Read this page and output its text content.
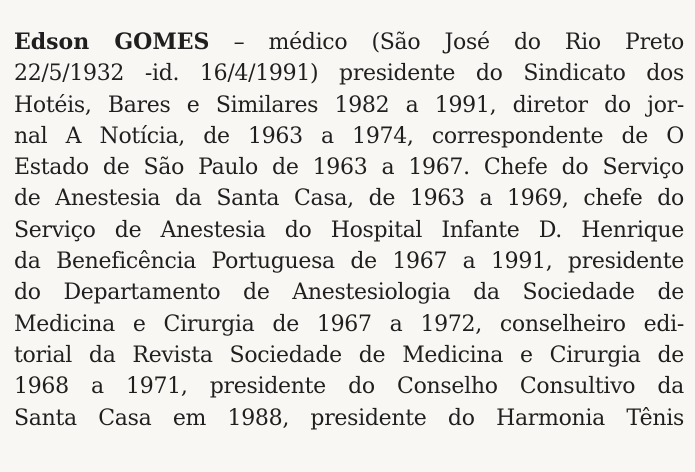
Edson GOMES – médico (São José do Rio Preto
22/5/1932 -id. 16/4/1991) presidente do Sindicato dos
Hotéis, Bares e Similares 1982 a 1991, diretor do jor-
nal A Notícia, de 1963 a 1974, correspondente de O
Estado de São Paulo de 1963 a 1967. Chefe do Serviço
de Anestesia da Santa Casa, de 1963 a 1969, chefe do
Serviço de Anestesia do Hospital Infante D. Henrique
da Beneficência Portuguesa de 1967 a 1991, presidente
do Departamento de Anestesiologia da Sociedade de
Medicina e Cirurgia de 1967 a 1972, conselheiro edi-
torial da Revista Sociedade de Medicina e Cirurgia de
1968 a 1971, presidente do Conselho Consultivo da
Santa Casa em 1988, presidente do Harmonia Tênis
